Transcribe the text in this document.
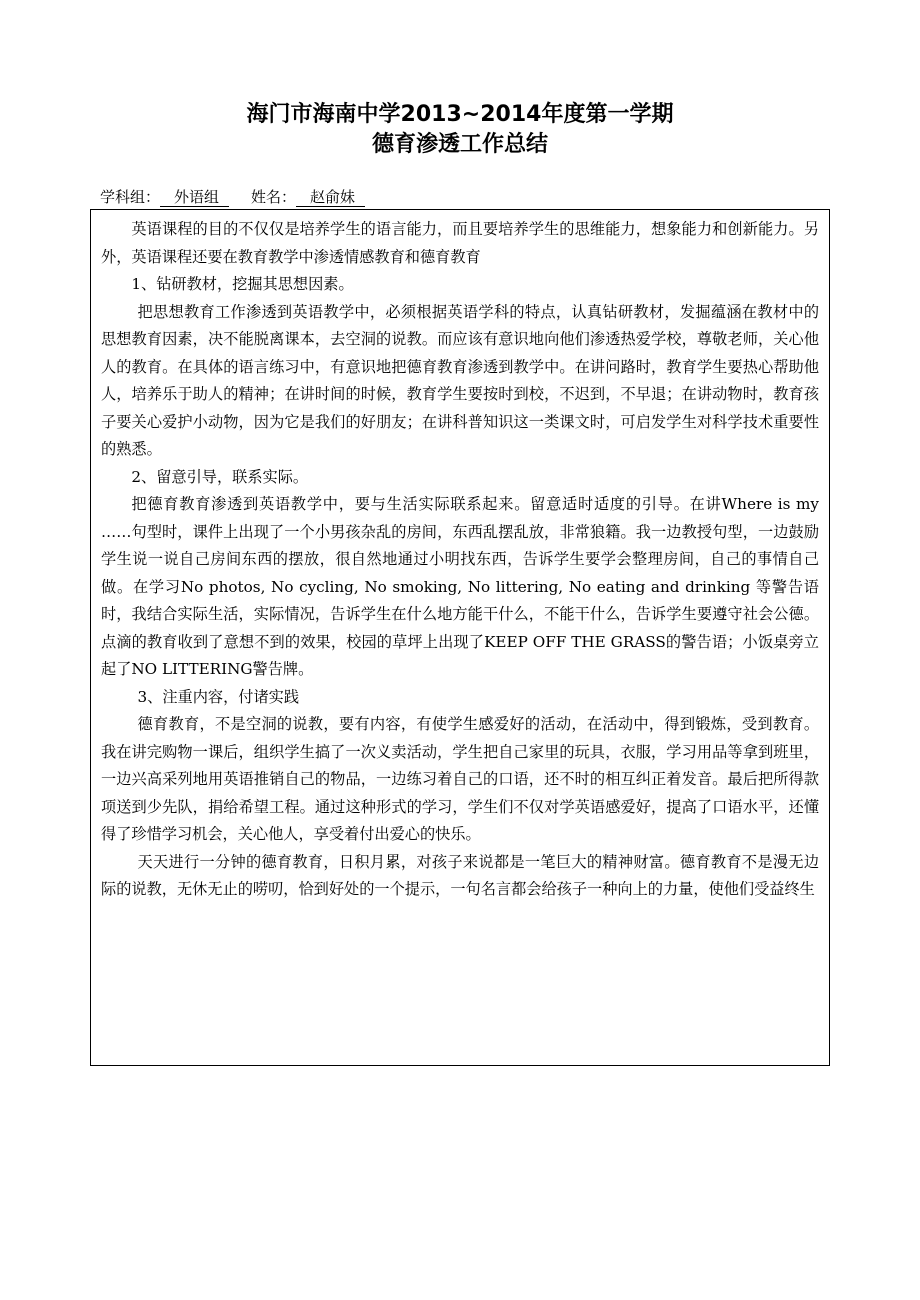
海门市海南中学2013~2014年度第一学期
德育渗透工作总结
学科组： 外语组 姓名： 赵俞妹

英语课程的目的不仅仅是培养学生的语言能力，而且要培养学生的思维能力，想象能力和创新能力。另外，英语课程还要在教育教学中渗透情感教育和德育教育

1、钻研教材，挖掘其思想因素。

把思想教育工作渗透到英语教学中，必须根据英语学科的特点，认真钻研教材，发掘蕴涵在教材中的思想教育因素，决不能脱离课本，去空洞的说教。而应该有意识地向他们渗透热爱学校，尊敬老师，关心他人的教育。在具体的语言练习中，有意识地把德育教育渗透到教学中。在讲问路时，教育学生要热心帮助他人，培养乐于助人的精神；在讲时间的时候，教育学生要按时到校，不迟到，不早退；在讲动物时，教育孩子要关心爱护小动物，因为它是我们的好朋友；在讲科普知识这一类课文时，可启发学生对科学技术重要性的熟悉。

2、留意引导，联系实际。

把德育教育渗透到英语教学中，要与生活实际联系起来。留意适时适度的引导。在讲Where is my ……句型时，课件上出现了一个小男孩杂乱的房间，东西乱摆乱放，非常狼籍。我一边教授句型，一边鼓励学生说一说自己房间东西的摆放，很自然地通过小明找东西，告诉学生要学会整理房间，自己的事情自己做。在学习No photos, No cycling, No smoking, No littering, No eating and drinking 等警告语时，我结合实际生活，实际情况，告诉学生在什么地方能干什么，不能干什么，告诉学生要遵守社会公德。点滴的教育收到了意想不到的效果，校园的草坪上出现了KEEP OFF THE GRASS的警告语；小饭桌旁立起了NO LITTERING警告牌。

3、注重内容，付诸实践

德育教育，不是空洞的说教，要有内容，有使学生感爱好的活动，在活动中，得到锻炼，受到教育。我在讲完购物一课后，组织学生搞了一次义卖活动，学生把自己家里的玩具，衣服，学习用品等拿到班里，一边兴高采列地用英语推销自己的物品，一边练习着自己的口语，还不时的相互纠正着发音。最后把所得款项送到少先队，捐给希望工程。通过这种形式的学习，学生们不仅对学英语感爱好，提高了口语水平，还懂得了珍惜学习机会，关心他人，享受着付出爱心的快乐。

天天进行一分钟的德育教育，日积月累，对孩子来说都是一笔巨大的精神财富。德育教育不是漫无边际的说教，无休无止的唠叨，恰到好处的一个提示，一句名言都会给孩子一种向上的力量，使他们受益终生
